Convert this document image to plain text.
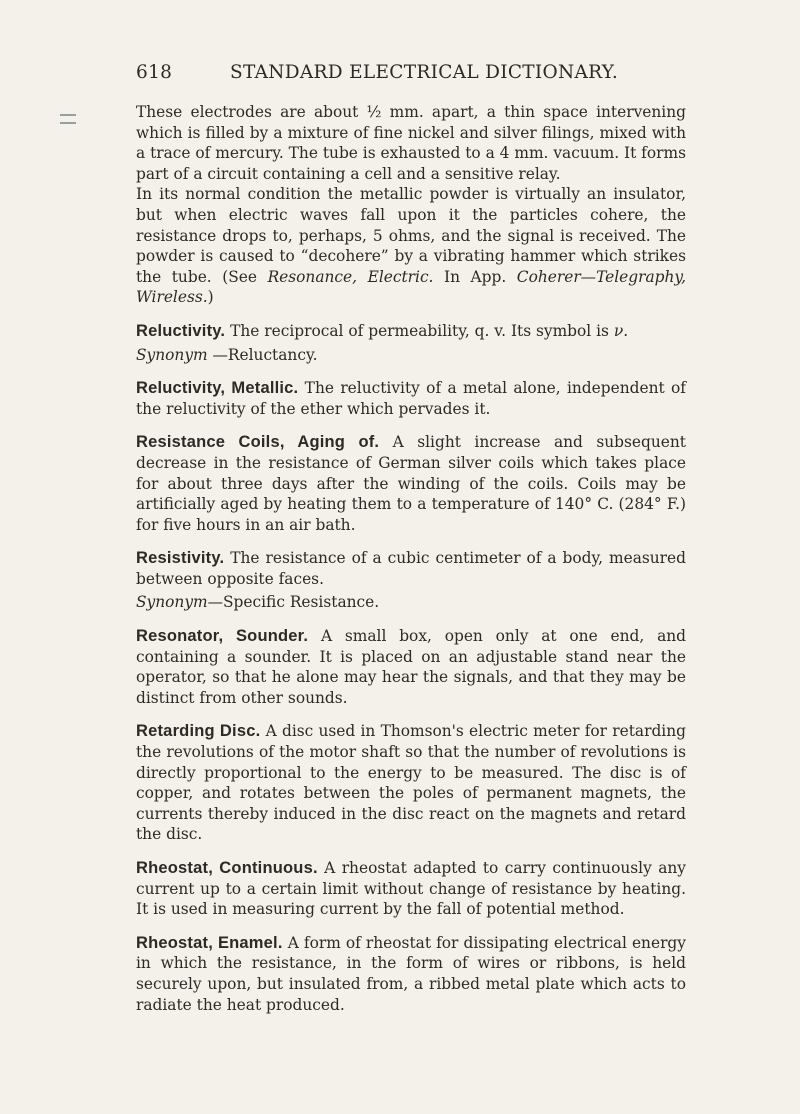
618	STANDARD ELECTRICAL DICTIONARY.

These electrodes are about ½ mm. apart, a thin space intervening which is filled by a mixture of fine nickel and silver filings, mixed with a trace of mercury. The tube is exhausted to a 4 mm. vacuum. It forms part of a circuit containing a cell and a sensitive relay.

In its normal condition the metallic powder is virtually an insulator, but when electric waves fall upon it the particles cohere, the resistance drops to, perhaps, 5 ohms, and the signal is received. The powder is caused to “decohere” by a vibrating hammer which strikes the tube. (See Resonance, Electric. In App. Coherer—Telegraphy, Wireless.)

Reluctivity. The reciprocal of permeability, q. v. Its symbol is ν.

Synonym —Reluctancy.

Reluctivity, Metallic. The reluctivity of a metal alone, independent of the reluctivity of the ether which pervades it.

Resistance Coils, Aging of. A slight increase and subsequent decrease in the resistance of German silver coils which takes place for about three days after the winding of the coils. Coils may be artificially aged by heating them to a temperature of 140° C. (284° F.) for five hours in an air bath.

Resistivity. The resistance of a cubic centimeter of a body, measured between opposite faces.

Synonym—Specific Resistance.

Resonator, Sounder. A small box, open only at one end, and containing a sounder. It is placed on an adjustable stand near the operator, so that he alone may hear the signals, and that they may be distinct from other sounds.

Retarding Disc. A disc used in Thomson's electric meter for retarding the revolutions of the motor shaft so that the number of revolutions is directly proportional to the energy to be measured. The disc is of copper, and rotates between the poles of permanent magnets, the currents thereby induced in the disc react on the magnets and retard the disc.

Rheostat, Continuous. A rheostat adapted to carry continuously any current up to a certain limit without change of resistance by heating. It is used in measuring current by the fall of potential method.

Rheostat, Enamel. A form of rheostat for dissipating electrical energy in which the resistance, in the form of wires or ribbons, is held securely upon, but insulated from, a ribbed metal plate which acts to radiate the heat produced.
